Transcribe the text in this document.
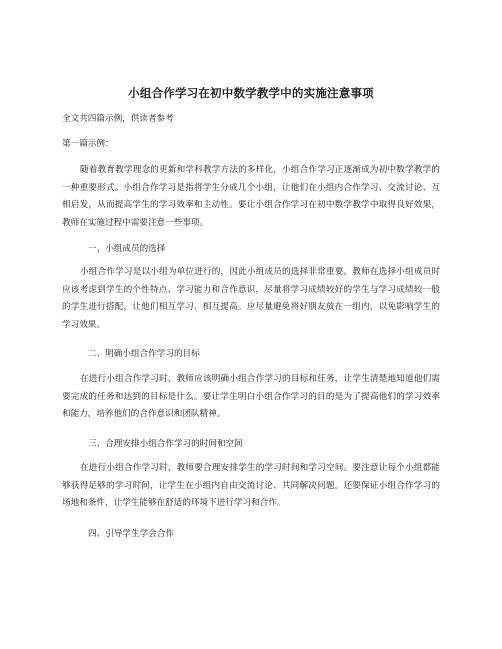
小组合作学习在初中数学教学中的实施注意事项

全文共四篇示例，供读者参考

第一篇示例：

随着教育教学理念的更新和学科教学方法的多样化，小组合作学习正逐渐成为初中数学教学的一种重要形式。小组合作学习是指将学生分成几个小组，让他们在小组内合作学习、交流讨论、互相启发，从而提高学生的学习效率和主动性。要让小组合作学习在初中数学教学中取得良好效果，教师在实施过程中需要注意一些事项。

一、小组成员的选择

小组合作学习是以小组为单位进行的，因此小组成员的选择非常重要。教师在选择小组成员时应该考虑到学生的个性特点、学习能力和合作意识，尽量将学习成绩较好的学生与学习成绩较一般的学生进行搭配，让他们相互学习、相互提高。应尽量避免将好朋友放在一组内，以免影响学生的学习效果。

二、明确小组合作学习的目标

在进行小组合作学习时，教师应该明确小组合作学习的目标和任务，让学生清楚地知道他们需要完成的任务和达到的目标是什么。要让学生明白小组合作学习的目的是为了提高他们的学习效率和能力，培养他们的合作意识和团队精神。

三、合理安排小组合作学习的时间和空间

在进行小组合作学习时，教师要合理安排学生的学习时间和学习空间。要注意让每个小组都能够获得足够的学习时间，让学生在小组内自由交流讨论、共同解决问题。还要保证小组合作学习的场地和条件，让学生能够在舒适的环境下进行学习和合作。

四、引导学生学会合作
